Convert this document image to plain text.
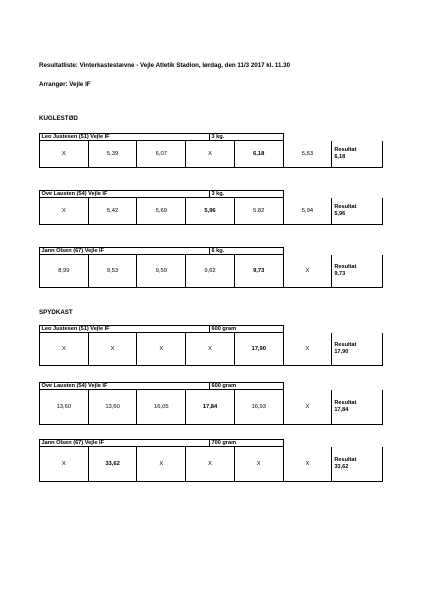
Resultatliste: Vinterkastestævne - Vejle Atletik Stadion, lørdag, den 11/3 2017 kl. 11.30
Arrangør: Vejle IF
KUGLESTØD
SPYDKAST
Leo Justesen (51) Vejle IF	3 kg.
X	5,39	6,07	X	6,18	5,53
Resultat
6,18
Ove Lausten (54) Vejle IF	3 kg.
X	5,42	5,69	5,96	5,82	5,94
Resultat
5,96
Jann Olsen (67) Vejle IF	6 kg.
8,99	9,53	9,59	9,62	9,73	X
Resultat
9,73
Leo Justesen (51) Vejle IF	600 gram
X	X	X	X	17,90	X
Resultat
17,90
Ove Lausten (54) Vejle IF	600 gram
13,60	13,60	16,05	17,84	16,93	X
Resultat
17,84
Jann Olsen (67) Vejle IF	700 gram
X	33,62	X	X	X	X
Resultat
33,62
